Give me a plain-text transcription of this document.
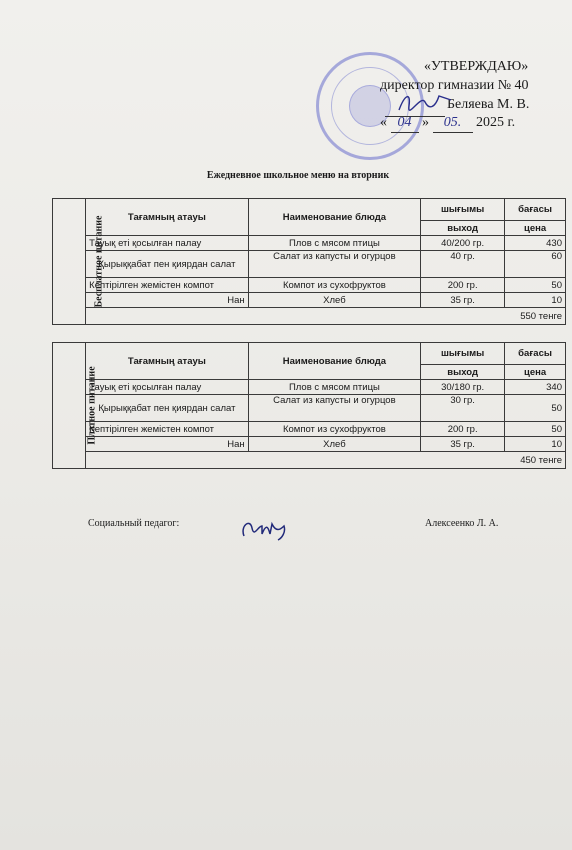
«УТВЕРЖДАЮ»
директор гимназии № 40
Беляева М. В.
« 04 » 05. 2025 г.
Ежедневное школьное меню на вторник
Бесплатное питание	Тағамның атауы	Наименование блюда	шығымы	бағасы
			выход	цена
	Тауық еті қосылған палау	Плов с мясом птицы	40/200 гр.	430
	Қырыққабат пен қиярдан салат	Салат из капусты и огурцов	40 гр.	60
	Кептірілген жемістен компот	Компот из сухофруктов	200 гр.	50
	Нан	Хлеб	35 гр.	10
	550 тенге			
Платное питание	Тағамның атауы	Наименование блюда	шығымы	бағасы
			выход	цена
	Тауық еті қосылған палау	Плов с мясом птицы	30/180 гр.	340
	Қырыққабат пен қиярдан салат	Салат из капусты и огурцов	30 гр.	50
	Кептірілген жемістен компот	Компот из сухофруктов	200 гр.	50
	Нан	Хлеб	35 гр.	10
	450 тенге			
Социальный педагог:	Алексеенко Л. А.
